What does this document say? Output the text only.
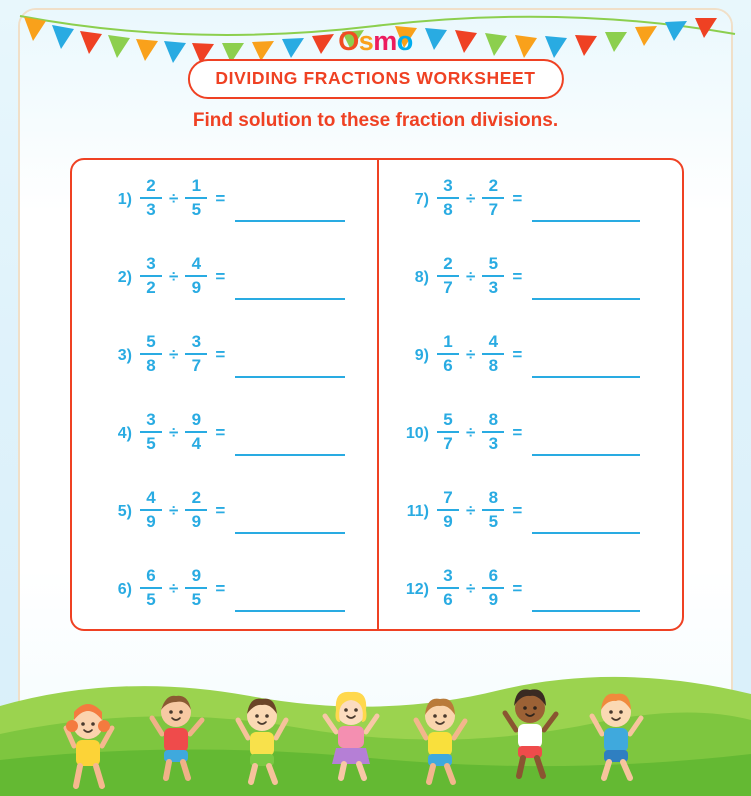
Osmo
DIVIDING FRACTIONS WORKSHEET
Find solution to these fraction divisions.
$1) \frac{2}{3} \div \frac{1}{5}$ =
$2) \frac{3}{2} \div \frac{4}{9}$ =
$3) \frac{5}{8} \div \frac{3}{7}$ =
$4) \frac{3}{5} \div \frac{9}{4}$ =
$5) \frac{4}{9} \div \frac{2}{9}$ =
$6) \frac{6}{5} \div \frac{9}{5}$ =
$7) \frac{3}{8} \div \frac{2}{7}$ =
$8) \frac{2}{7} \div \frac{5}{3}$ =
$9) \frac{1}{6} \div \frac{4}{8}$ =
$10) \frac{5}{7} \div \frac{8}{3}$ =
$11) \frac{7}{9} \div \frac{8}{5}$ =
$12) \frac{3}{6} \div \frac{6}{9}$ =
